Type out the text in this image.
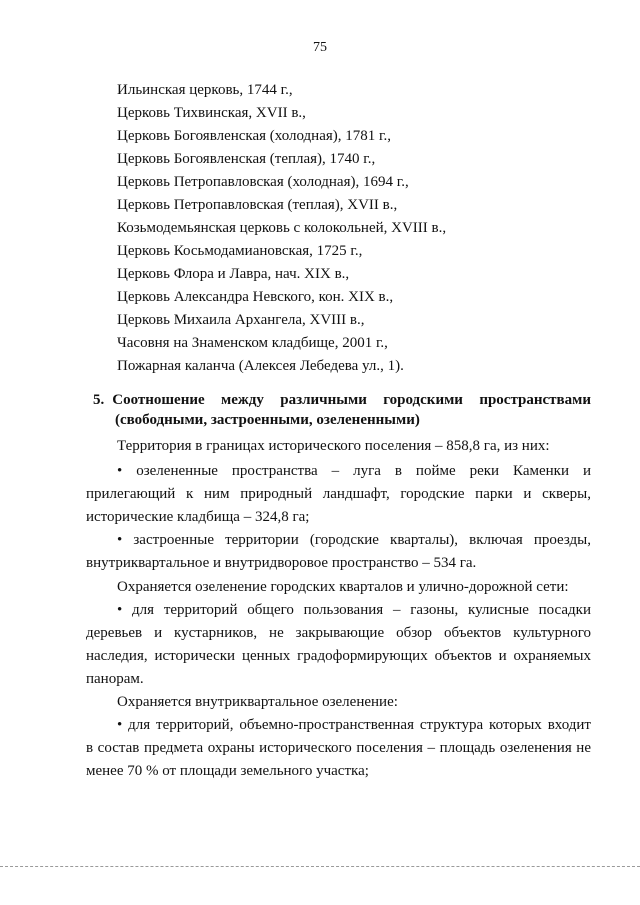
75
Ильинская церковь, 1744 г.,
Церковь Тихвинская, XVII в.,
Церковь Богоявленская (холодная), 1781 г.,
Церковь Богоявленская (теплая), 1740 г.,
Церковь Петропавловская (холодная), 1694 г.,
Церковь Петропавловская (теплая), XVII в.,
Козьмодемьянская церковь с колокольней, XVIII в.,
Церковь Косьмодамиановская, 1725 г.,
Церковь Флора и Лавра, нач. XIX в.,
Церковь Александра Невского, кон. XIX в.,
Церковь Михаила Архангела, XVIII в.,
Часовня на Знаменском кладбище, 2001 г.,
Пожарная каланча (Алексея Лебедева ул., 1).
5. Соотношение между различными городскими пространствами
(свободными, застроенными, озелененными)

Территория в границах исторического поселения – 858,8 га, из них:

• озелененные пространства – луга в пойме реки Каменки и

прилегающий к ним природный ландшафт, городские парки и скверы,

исторические кладбища – 324,8 га;

• застроенные территории (городские кварталы), включая проезды,

внутриквартальное и внутридворовое пространство – 534 га.

Охраняется озеленение городских кварталов и улично-дорожной сети:

• для территорий общего пользования – газоны, кулисные посадки

деревьев и кустарников, не закрывающие обзор объектов культурного

наследия, исторически ценных градоформирующих объектов и охраняемых

панорам.

Охраняется внутриквартальное озеленение:

• для территорий, объемно-пространственная структура которых входит

в состав предмета охраны исторического поселения – площадь озеленения не

менее 70 % от площади земельного участка;
